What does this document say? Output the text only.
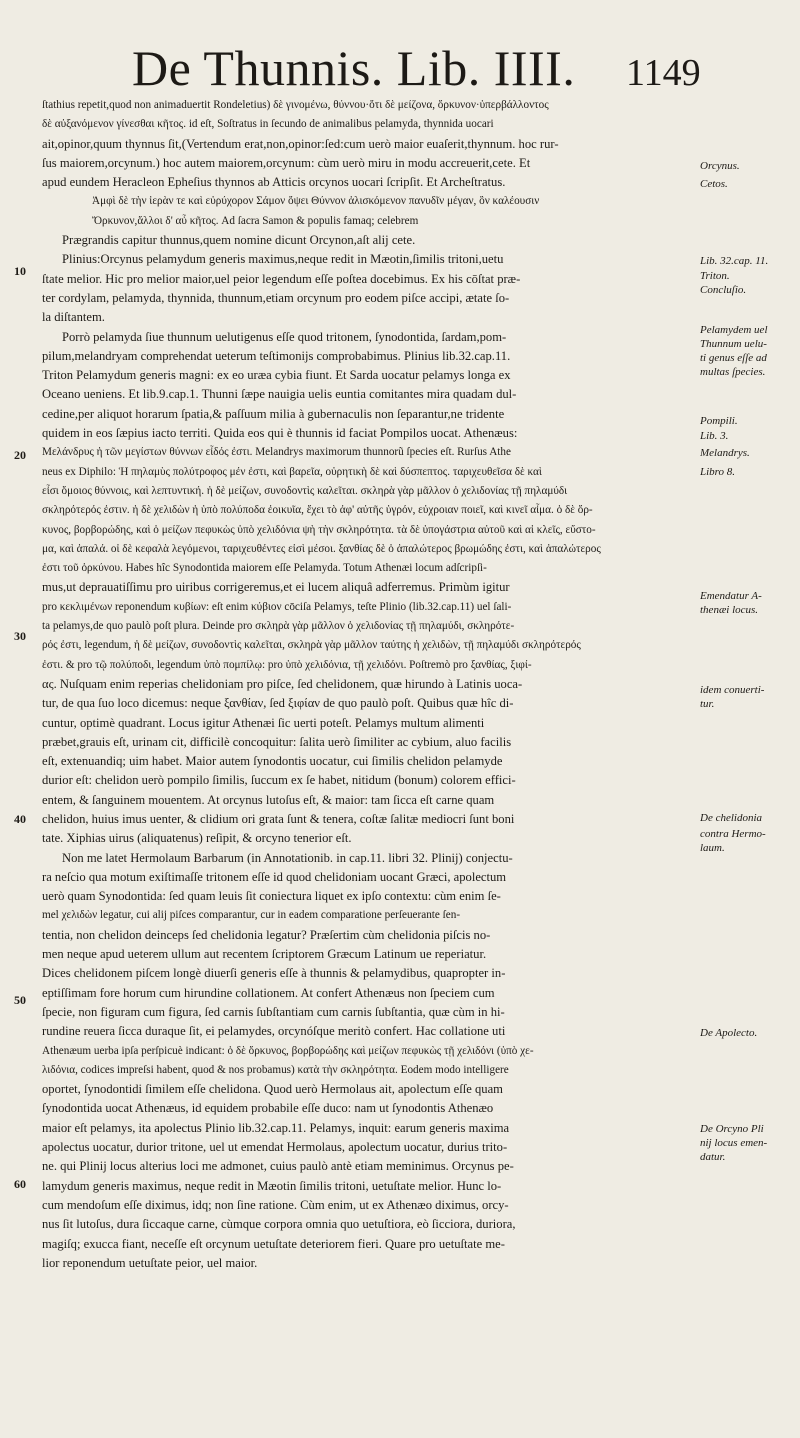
De Thunnis. Lib. IIII. 1149
10
20
30
40
50
60
ſtathius repetit,quod non animaduertit Rondeletius) δὲ γινομένω, θύννου·ὅτι δὲ μείζονα, ὄρκυνον·ὑπερβάλλοντος
δὲ αὐξανόμενον γίνεσθαι κῆτος. id eſt, Soſtratus in ſecundo de animalibus pelamyda, thynnida uocari
ait,opinor,quum thynnus ſit,(Vertendum erat,non,opinor:ſed:cum uerò maior euaſerit,thynnum. hoc rur-
ſus maiorem,orcynum.) hoc autem maiorem,orcynum: cùm uerò miru in modu accreuerit,cete. Et
apud eundem Heracleon Epheſius thynnos ab Atticis orcynos uocari ſcripſit. Et Archeſtratus.
Ἀμφὶ δὲ τὴν ἱερὰν τε καὶ εὐρύχορον Σάμον ὄψει Θύννον ἁλισκόμενον πανυδῖν μέγαν, ὃν καλέουσιν
Ὄρκυνον,ἄλλοι δ' αὖ κῆτος. Ad ſacra Samon & populis famaq; celebrem
Prægrandis capitur thunnus,quem nomine dicunt Orcynon,aſt alij cete.
Plinius:Orcynus pelamydum generis maximus,neque redit in Mæotin,ſimilis tritoni,uetu
ſtate melior. Hic pro melior maior,uel peior legendum eſſe poſtea docebimus. Ex his cōſtat præ-
ter cordylam, pelamyda, thynnida, thunnum,etiam orcynum pro eodem piſce accipi, ætate ſo-
la diſtantem.
Porrò pelamyda ſiue thunnum uelutigenus eſſe quod tritonem, ſynodontida, ſardam,pom-
pilum,melandryam comprehendat ueterum teſtimonijs comprobabimus. Plinius lib.32.cap.11.
Triton Pelamydum generis magni: ex eo uræa cybia fiunt. Et Sarda uocatur pelamys longa ex
Oceano ueniens. Et lib.9.cap.1. Thunni ſæpe nauigia uelis euntia comitantes mira quadam dul-
cedine,per aliquot horarum ſpatia,& paſſuum milia à gubernaculis non ſeparantur,ne tridente
quidem in eos ſæpius iacto territi. Quida eos qui è thunnis id faciat Pompilos uocat. Athenæus:
Μελάνδρυς ἡ τῶν μεγίστων θύννων εἶδός ἐστι. Melandrys maximorum thunnorũ ſpecies eſt. Rurſus Athe
neus ex Diphilo: Ἡ πηλαμὺς πολύτροφος μέν ἐστι, καὶ βαρεῖα, οὐρητικὴ δὲ καὶ δύσπεπτος. ταριχευθεῖσα δὲ καὶ
εἶσι ὅμοιος θύννοις, καὶ λεπτυντική. ἡ δὲ μείζων, συνοδοντὶς καλεῖται. σκληρὰ γὰρ μᾶλλον ὁ χελιδονίας τῇ πηλαμύδι
σκληρότερός ἐστιν. ἡ δὲ χελιδὼν ἡ ὑπὸ πολύποδα ἐοικυῖα, ἔχει τὸ ἀφ' αὐτῆς ὑγρόν, εὐχροιαν ποιεῖ, καὶ κινεῖ αἷμα. ὁ δὲ ὄρ-
κυνος, βορβορώδης, καὶ ὁ μείζων πεφυκὼς ὑπὸ χελιδόνια ψὴ τὴν σκληρότητα. τὰ δὲ ὑπογάστρια αὐτοῦ καὶ αἱ κλεῖς, εὔστο-
μα, καὶ ἁπαλά. οἱ δὲ κεφαλὰ λεγόμενοι, ταριχευθέντες εἰσὶ μέσοι. ξανθίας δὲ ὁ ἁπαλώτερος βρωμώδης ἐστι, καὶ ἁπαλώτερος
ἐστι τοῦ ὀρκύνου. Habes hîc Synodontida maiorem eſſe Pelamyda. Totum Athenæi locum adſcripſi-
mus,ut deprauatiſſimu pro uiribus corrigeremus,et ei lucem aliquâ adferremus. Primùm igitur
pro κεκλιμένων reponendum κυβίων: eſt enim κύβιον cōciſa Pelamys, teſte Plinio (lib.32.cap.11) uel ſali-
ta pelamys,de quo paulò poſt plura. Deinde pro σκληρὰ γὰρ μᾶλλον ὁ χελιδονίας τῇ πηλαμύδι, σκληρότε-
ρός ἐστι, legendum, ἡ δὲ μείζων, συνοδοντὶς καλεῖται, σκληρὰ γὰρ μᾶλλον ταύτης ἡ χελιδὼν, τῇ πηλαμύδι σκληρότερός
ἐστι. & pro τῷ πολύποδι, legendum ὑπὸ πομπίλῳ: pro ὑπὸ χελιδόνια, τῇ χελιδόνι. Poſtremò pro ξανθίας, ξιφί-
ας. Nuſquam enim reperias chelidoniam pro piſce, ſed chelidonem, quæ hirundo à Latinis uoca-
tur, de qua ſuo loco dicemus: neque ξανθίαν, ſed ξιφίαν de quo paulò poſt. Quibus quæ hîc di-
cuntur, optimè quadrant. Locus igitur Athenæi ſic uerti poteſt. Pelamys multum alimenti
præbet,grauis eſt, urinam cit, difficilè concoquitur: ſalita uerò ſimiliter ac cybium, aluo facilis
eſt, extenuandiq; uim habet. Maior autem ſynodontis uocatur, cui ſimilis chelidon pelamyde
durior eſt: chelidon uerò pompilo ſimilis, ſuccum ex ſe habet, nitidum (bonum) colorem effici-
entem, & ſanguinem mouentem. At orcynus lutoſus eſt, & maior: tam ſicca eſt carne quam
chelidon, huius imus uenter, & clidium ori grata ſunt & tenera, coſtæ ſalitæ mediocri ſunt boni
tate. Xiphias uirus (aliquatenus) reſipit, & orcyno tenerior eſt.
Non me latet Hermolaum Barbarum (in Annotationib. in cap.11. libri 32. Plinij) conjectu-
ra neſcio qua motum exiſtimaſſe tritonem eſſe id quod chelidoniam uocant Græci, apolectum
uerò quam Synodontida: ſed quam leuis ſit coniectura liquet ex ipſo contextu: cùm enim ſe-
mel χελιδὼν legatur, cui alij piſces comparantur, cur in eadem comparatione perſeuerante ſen-
tentia, non chelidon deinceps ſed chelidonia legatur? Præſertim cùm chelidonia piſcis no-
men neque apud ueterem ullum aut recentem ſcriptorem Græcum Latinum ue reperiatur.
Dices chelidonem piſcem longè diuerſi generis eſſe à thunnis & pelamydibus, quapropter in-
eptiſſimam fore horum cum hirundine collationem. At confert Athenæus non ſpeciem cum
ſpecie, non figuram cum figura, ſed carnis ſubſtantiam cum carnis ſubſtantia, quæ cùm in hi-
rundine reuera ſicca duraque ſit, ei pelamydes, orcynóſque meritò confert. Hac collatione uti
Athenæum uerba ipſa perſpicuè indicant: ὁ δὲ ὄρκυνος, βορβορώδης καὶ μείζων πεφυκὼς τῇ χελιδόνι (ὑπὸ χε-
λιδόνια, codices impreſsi habent, quod & nos probamus) κατὰ τὴν σκληρότητα. Eodem modo intelligere
oportet, ſynodontidi ſimilem eſſe chelidona. Quod uerò Hermolaus ait, apolectum eſſe quam
ſynodontida uocat Athenæus, id equidem probabile eſſe duco: nam ut ſynodontis Athenæo
maior eſt pelamys, ita apolectus Plinio lib.32.cap.11. Pelamys, inquit: earum generis maxima
apolectus uocatur, durior tritone, uel ut emendat Hermolaus, apolectum uocatur, durius trito-
ne. qui Plinij locus alterius loci me admonet, cuius paulò antè etiam meminimus. Orcynus pe-
lamydum generis maximus, neque redit in Mæotin ſimilis tritoni, uetuſtate melior. Hunc lo-
cum mendoſum eſſe diximus, idq; non ſine ratione. Cùm enim, ut ex Athenæo diximus, orcy-
nus ſit lutoſus, dura ſiccaque carne, cùmque corpora omnia quo uetuſtiora, eò ſicciora, duriora,
magiſq; exucca fiant, neceſſe eſt orcynum uetuſtate deteriorem fieri. Quare pro uetuſtate me-
lior reponendum uetuſtate peior, uel maior.
Orcynus.
Cetos.
Lib. 32.cap. 11.
Triton.
Concluſio.
Pelamydem uel
Thunnum uelu-
ti genus eſſe ad
multas ſpecies.
Pompili.
Lib. 3.
Melandrys.
Libro 8.
Emendatur A-
thenæi locus.
idem conuerti-
tur.
De chelidonia
contra Hermo-
laum.
De Apolecto.
De Orcyno Pli
nij locus emen-
datur.
